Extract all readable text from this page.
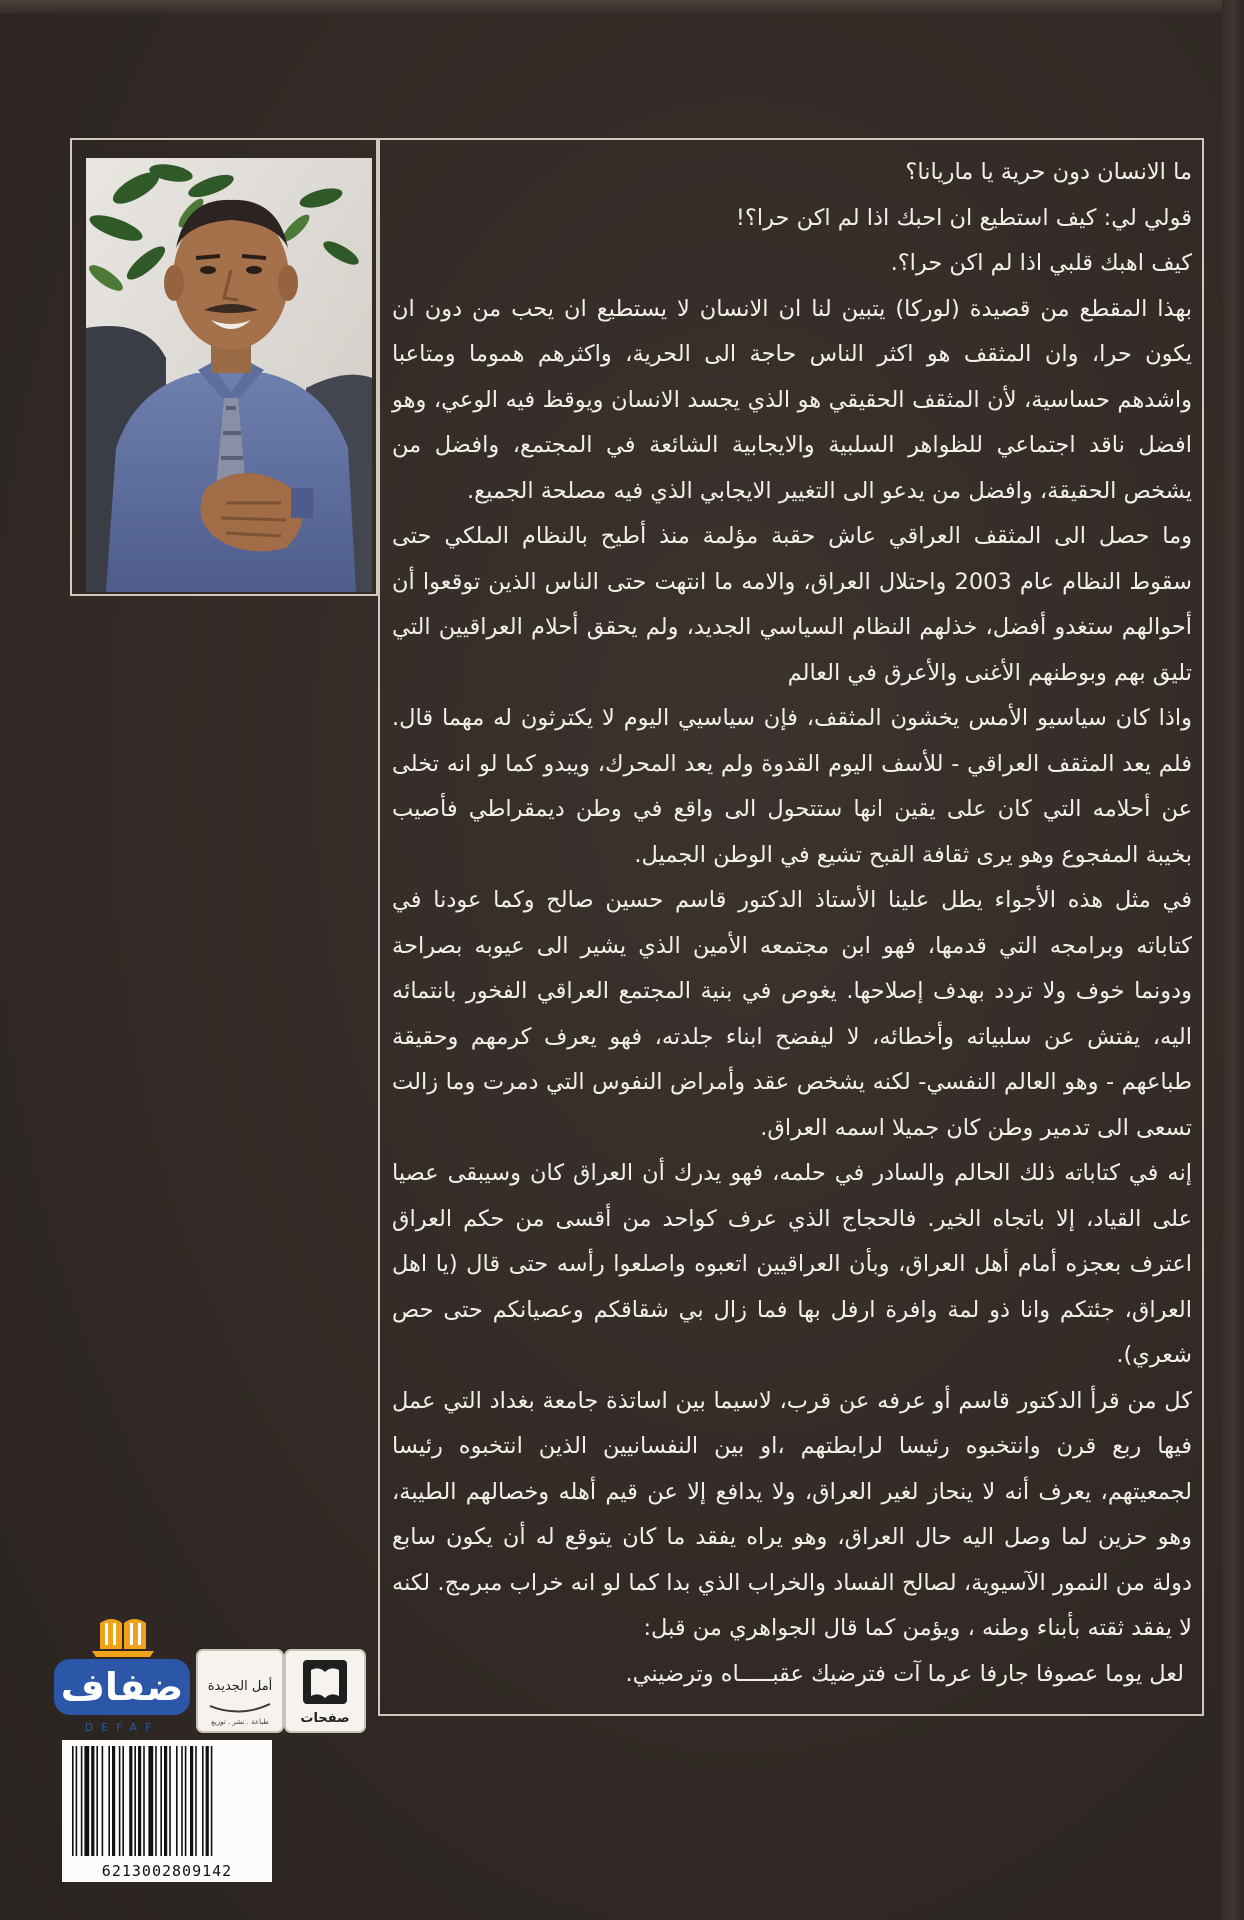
ما الانسان دون حرية يا ماريانا؟

قولي لي: كيف استطيع ان احبك اذا لم اكن حرا؟!

كيف اهبك قلبي اذا لم اكن حرا؟.

بهذا المقطع من قصيدة (لوركا) يتبين لنا ان الانسان لا يستطيع ان يحب من دون ان يكون حرا، وان المثقف هو اكثر الناس حاجة الى الحرية، واكثرهم هموما ومتاعبا واشدهم حساسية، لأن المثقف الحقيقي هو الذي يجسد الانسان ويوقظ فيه الوعي، وهو افضل ناقد اجتماعي للظواهر السلبية والايجابية الشائعة في المجتمع، وافضل من يشخص الحقيقة، وافضل من يدعو الى التغيير الايجابي الذي فيه مصلحة الجميع.

وما حصل الى المثقف العراقي عاش حقبة مؤلمة منذ أطيح بالنظام الملكي حتى سقوط النظام عام 2003 واحتلال العراق، والامه ما انتهت حتى الناس الذين توقعوا أن أحوالهم ستغدو أفضل، خذلهم النظام السياسي الجديد، ولم يحقق أحلام العراقيين التي تليق بهم وبوطنهم الأغنى والأعرق في العالم

واذا كان سياسيو الأمس يخشون المثقف، فإن سياسيي اليوم لا يكترثون له مهما قال. فلم يعد المثقف العراقي - للأسف اليوم القدوة ولم يعد المحرك، ويبدو كما لو انه تخلى عن أحلامه التي كان على يقين انها ستتحول الى واقع في وطن ديمقراطي فأصيب بخيبة المفجوع وهو يرى ثقافة القبح تشيع في الوطن الجميل.

في مثل هذه الأجواء يطل علينا الأستاذ الدكتور قاسم حسين صالح وكما عودنا في كتاباته وبرامجه التي قدمها، فهو ابن مجتمعه الأمين الذي يشير الى عيوبه بصراحة ودونما خوف ولا تردد بهدف إصلاحها. يغوص في بنية المجتمع العراقي الفخور بانتمائه اليه، يفتش عن سلبياته وأخطائه، لا ليفضح ابناء جلدته، فهو يعرف كرمهم وحقيقة طباعهم - وهو العالم النفسي- لكنه يشخص عقد وأمراض النفوس التي دمرت وما زالت تسعى الى تدمير وطن كان جميلا اسمه العراق.

إنه في كتاباته ذلك الحالم والسادر في حلمه، فهو يدرك أن العراق كان وسيبقى عصيا على القياد، إلا باتجاه الخير. فالحجاج الذي عرف كواحد من أقسى من حكم العراق اعترف بعجزه أمام أهل العراق، وبأن العراقيين اتعبوه واصلعوا رأسه حتى قال (يا اهل العراق، جئتكم وانا ذو لمة وافرة ارفل بها فما زال بي شقاقكم وعصيانكم حتى حص شعري).

كل من قرأ الدكتور قاسم أو عرفه عن قرب، لاسيما بين اساتذة جامعة بغداد التي عمل فيها ربع قرن وانتخبوه رئيسا لرابطتهم ،او بين النفسانيين الذين انتخبوه رئيسا لجمعيتهم، يعرف أنه لا ينحاز لغير العراق، ولا يدافع إلا عن قيم أهله وخصالهم الطيبة، وهو حزين لما وصل اليه حال العراق، وهو يراه يفقد ما كان يتوقع له أن يكون سابع دولة من النمور الآسيوية، لصالح الفساد والخراب الذي بدا كما لو انه خراب مبرمج. لكنه لا يفقد ثقته بأبناء وطنه ، ويؤمن كما قال الجواهري من قبل:

لعل يوما عصوفا جارفا عرما آت فترضيك عقبـــــاه وترضيني.

ضفاف
DEFAF
أمل الجديدة
طباعة . نشر . توزيع صفحات
6213002809142
